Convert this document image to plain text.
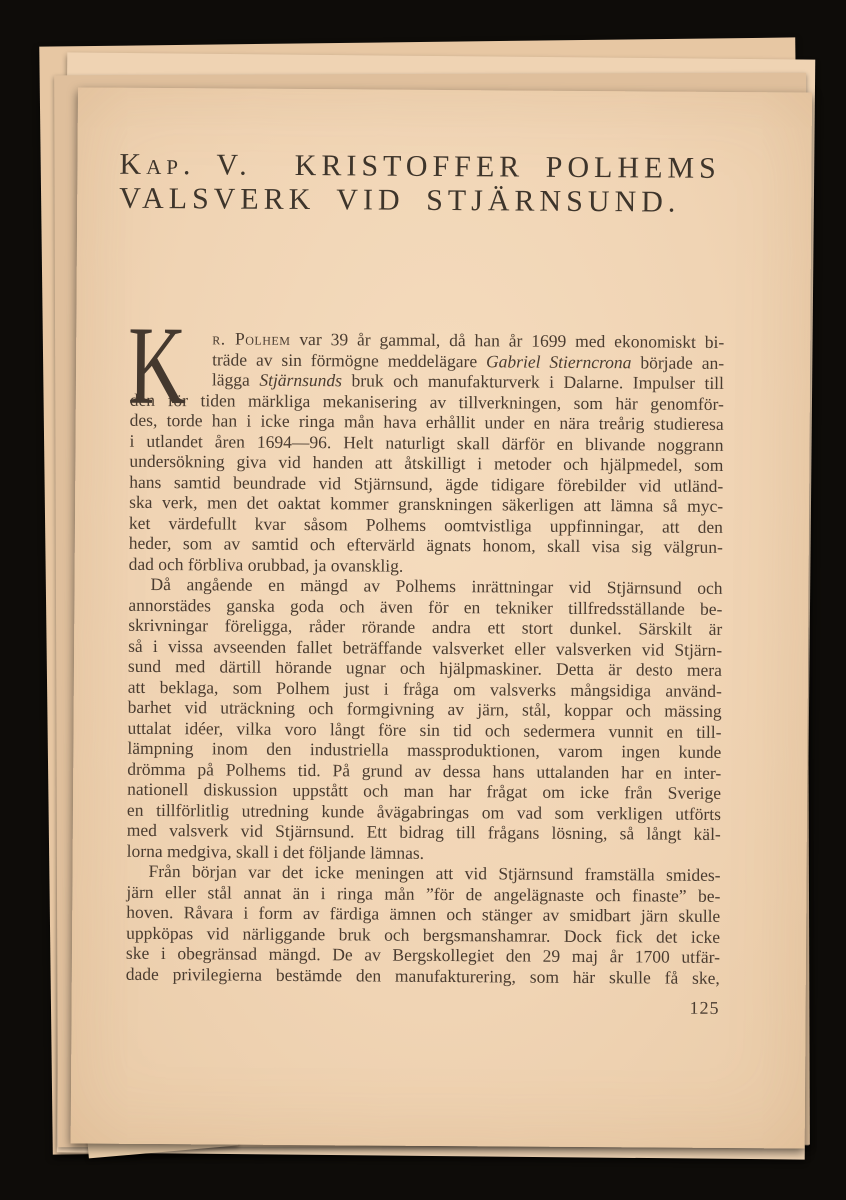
Kap. V.  KRISTOFFER POLHEMS
VALSVERK VID STJÄRNSUND.
K	r. Polhem var 39 år gammal, då han år 1699 med ekonomiskt bi-
träde av sin förmögne meddelägare Gabriel Stierncrona började an-
lägga Stjärnsunds bruk och manufakturverk i Dalarne. Impulser till
den för tiden märkliga mekanisering av tillverkningen, som här genomför-
des, torde han i icke ringa mån hava erhållit under en nära treårig studieresa
i utlandet åren 1694—96. Helt naturligt skall därför en blivande noggrann
undersökning giva vid handen att åtskilligt i metoder och hjälpmedel, som
hans samtid beundrade vid Stjärnsund, ägde tidigare förebilder vid utländ-
ska verk, men det oaktat kommer granskningen säkerligen att lämna så myc-
ket värdefullt kvar såsom Polhems oomtvistliga uppfinningar, att den
heder, som av samtid och eftervärld ägnats honom, skall visa sig välgrun-
dad och förbliva orubbad, ja ovansklig.
Då angående en mängd av Polhems inrättningar vid Stjärnsund och
annorstädes ganska goda och även för en tekniker tillfredsställande be-
skrivningar föreligga, råder rörande andra ett stort dunkel. Särskilt är
så i vissa avseenden fallet beträffande valsverket eller valsverken vid Stjärn-
sund med därtill hörande ugnar och hjälpmaskiner. Detta är desto mera
att beklaga, som Polhem just i fråga om valsverks mångsidiga använd-
barhet vid uträckning och formgivning av järn, stål, koppar och mässing
uttalat idéer, vilka voro långt före sin tid och sedermera vunnit en till-
lämpning inom den industriella massproduktionen, varom ingen kunde
drömma på Polhems tid. På grund av dessa hans uttalanden har en inter-
nationell diskussion uppstått och man har frågat om icke från Sverige
en tillförlitlig utredning kunde åvägabringas om vad som verkligen utförts
med valsverk vid Stjärnsund. Ett bidrag till frågans lösning, så långt käl-
lorna medgiva, skall i det följande lämnas.
Från början var det icke meningen att vid Stjärnsund framställa smides-
järn eller stål annat än i ringa mån ”för de angelägnaste och finaste” be-
hoven. Råvara i form av färdiga ämnen och stänger av smidbart järn skulle
uppköpas vid närliggande bruk och bergsmanshamrar. Dock fick det icke
ske i obegränsad mängd. De av Bergskollegiet den 29 maj år 1700 utfär-
dade privilegierna bestämde den manufakturering, som här skulle få ske,
125
